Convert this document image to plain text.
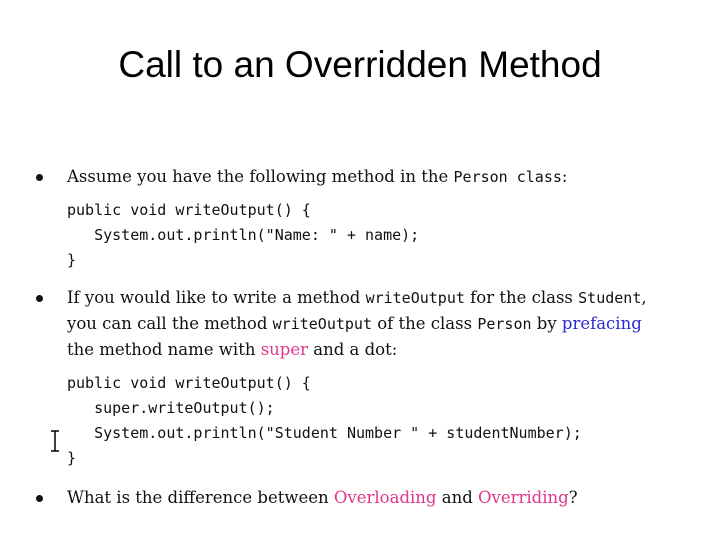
Call to an Overridden Method
Assume you have the following method in the Person class:
public void writeOutput() {
System.out.println("Name: " + name);
}
If you would like to write a method writeOutput for the class Student,
you can call the method writeOutput of the class Person by prefacing
the method name with super and a dot:
public void writeOutput() {
super.writeOutput();
System.out.println("Student Number " + studentNumber);
}
What is the difference between Overloading and Overriding?
